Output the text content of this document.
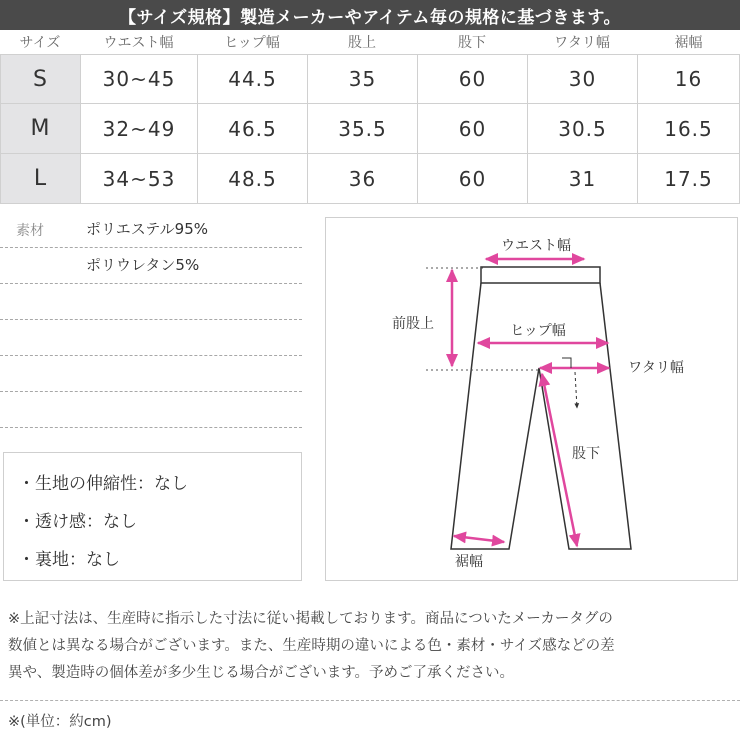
【サイズ規格】製造メーカーやアイテム毎の規格に基づきます。
サイズ	ウエスト幅	ヒップ幅	股上	股下	ワタリ幅	裾幅
S	30~45	44.5	35	60	30	16
M	32~49	46.5	35.5	60	30.5	16.5
L	34~53	48.5	36	60	31	17.5
素材	ポリエステル95%
ポリウレタン5%
・生地の伸縮性：なし
・透け感：なし
・裏地：なし
ウエスト幅
前股上	ヒップ幅
ワタリ幅
股下
裾幅
※上記寸法は、生産時に指示した寸法に従い掲載しております。商品についたメーカータグの
数値とは異なる場合がございます。また、生産時期の違いによる色・素材・サイズ感などの差
異や、製造時の個体差が多少生じる場合がございます。予めご了承ください。
※(単位：約cm)
